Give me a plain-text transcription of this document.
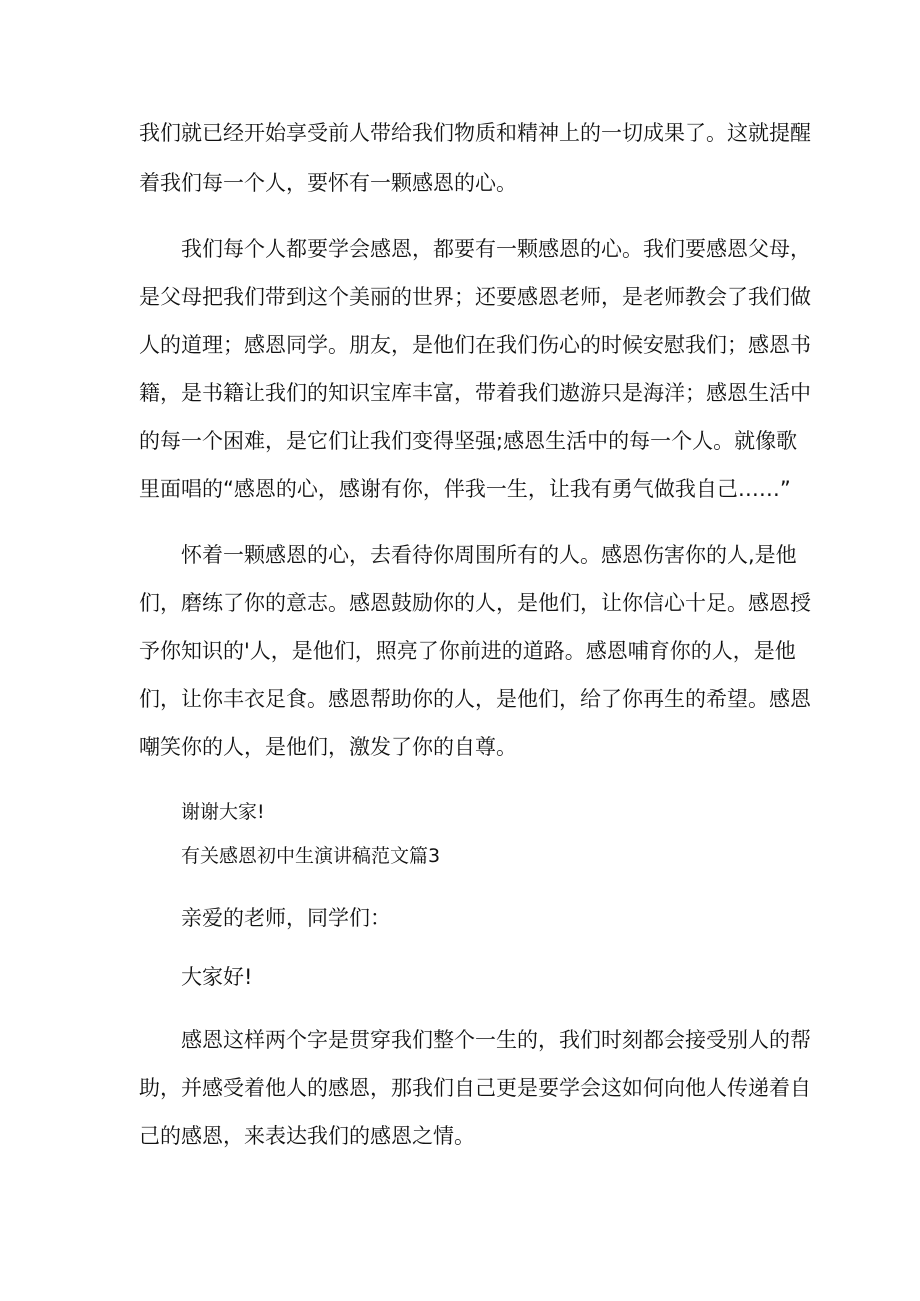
我们就已经开始享受前人带给我们物质和精神上的一切成果了。这就提醒
着我们每一个人，要怀有一颗感恩的心。
我们每个人都要学会感恩，都要有一颗感恩的心。我们要感恩父母，
是父母把我们带到这个美丽的世界；还要感恩老师，是老师教会了我们做
人的道理；感恩同学。朋友，是他们在我们伤心的时候安慰我们；感恩书
籍，是书籍让我们的知识宝库丰富，带着我们遨游只是海洋；感恩生活中
的每一个困难，是它们让我们变得坚强;感恩生活中的每一个人。就像歌
里面唱的“感恩的心，感谢有你，伴我一生，让我有勇气做我自己……”
怀着一颗感恩的心，去看待你周围所有的人。感恩伤害你的人,是他
们，磨练了你的意志。感恩鼓励你的人，是他们，让你信心十足。感恩授
予你知识的'人，是他们，照亮了你前进的道路。感恩哺育你的人，是他
们，让你丰衣足食。感恩帮助你的人，是他们，给了你再生的希望。感恩
嘲笑你的人，是他们，激发了你的自尊。
谢谢大家!
有关感恩初中生演讲稿范文篇3
亲爱的老师，同学们：
大家好!
感恩这样两个字是贯穿我们整个一生的，我们时刻都会接受别人的帮
助，并感受着他人的感恩，那我们自己更是要学会这如何向他人传递着自
己的感恩，来表达我们的感恩之情。
